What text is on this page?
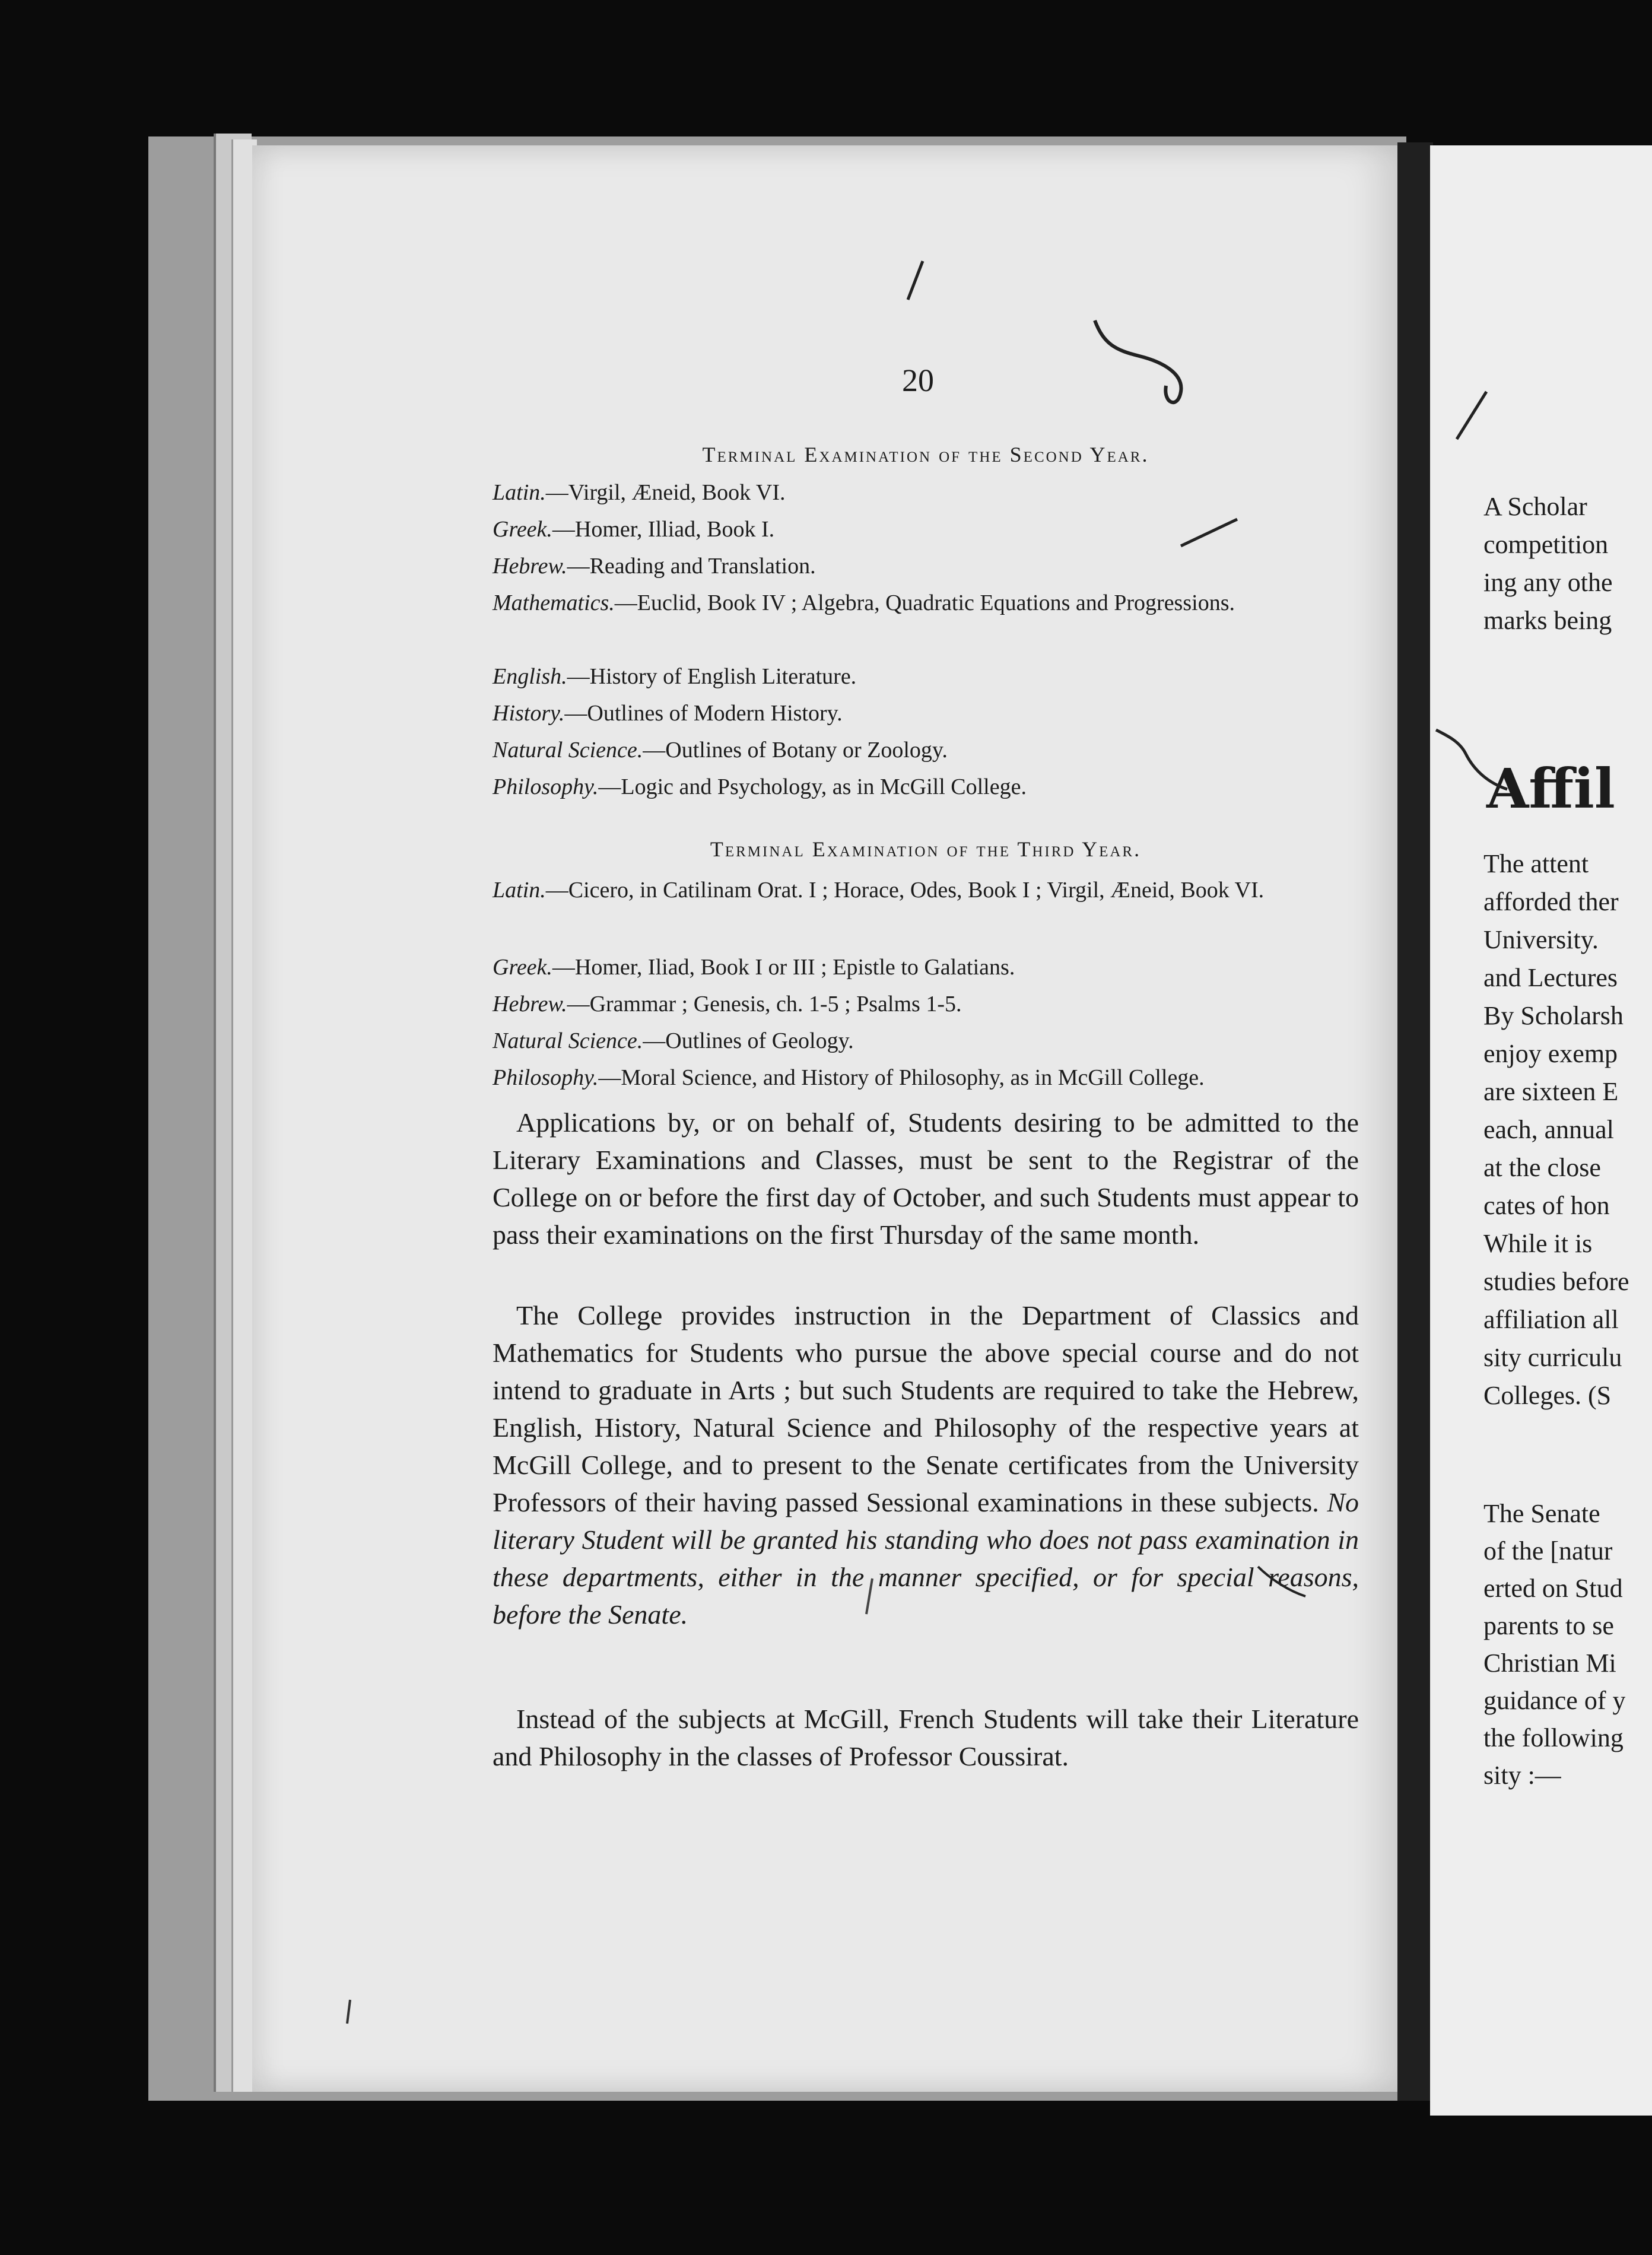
20

Terminal Examination of the Second Year.

Latin.—Virgil, Æneid, Book VI.
Greek.—Homer, Illiad, Book I.
Hebrew.—Reading and Translation.
Mathematics.—Euclid, Book IV ; Algebra, Quadratic Equations and Progressions.
English.—History of English Literature.
History.—Outlines of Modern History.
Natural Science.—Outlines of Botany or Zoology.
Philosophy.—Logic and Psychology, as in McGill College.

Terminal Examination of the Third Year.

Latin.—Cicero, in Catilinam Orat. I ; Horace, Odes, Book I ; Virgil, Æneid, Book VI.
Greek.—Homer, Iliad, Book I or III ; Epistle to Galatians.
Hebrew.—Grammar ; Genesis, ch. 1-5 ; Psalms 1-5.
Natural Science.—Outlines of Geology.
Philosophy.—Moral Science, and History of Philosophy, as in McGill College.

Applications by, or on behalf of, Students desiring to be admitted to the Literary Examinations and Classes, must be sent to the Registrar of the College on or before the first day of October, and such Students must appear to pass their examinations on the first Thursday of the same month.

The College provides instruction in the Department of Classics and Mathematics for Students who pursue the above special course and do not intend to graduate in Arts ; but such Students are required to take the Hebrew, English, History, Natural Science and Philosophy of the respective years at McGill College, and to present to the Senate certificates from the University Professors of their having passed Sessional examinations in these subjects. No literary Student will be granted his standing who does not pass examination in these departments, either in the manner specified, or for special reasons, before the Senate.

Instead of the subjects at McGill, French Students will take their Literature and Philosophy in the classes of Professor Coussirat.

A Scholar
competition
ing any othe
marks being
Affil
The attent
afforded ther
University.
and Lectures
By Scholarsh
enjoy exemp
are sixteen E
each, annual
at the close
cates of hon
While it is
studies before
affiliation all
sity curriculu
Colleges. (S
The Senate
of the [natur
erted on Stud
parents to se
Christian Mi
guidance of y
the following
sity :—
